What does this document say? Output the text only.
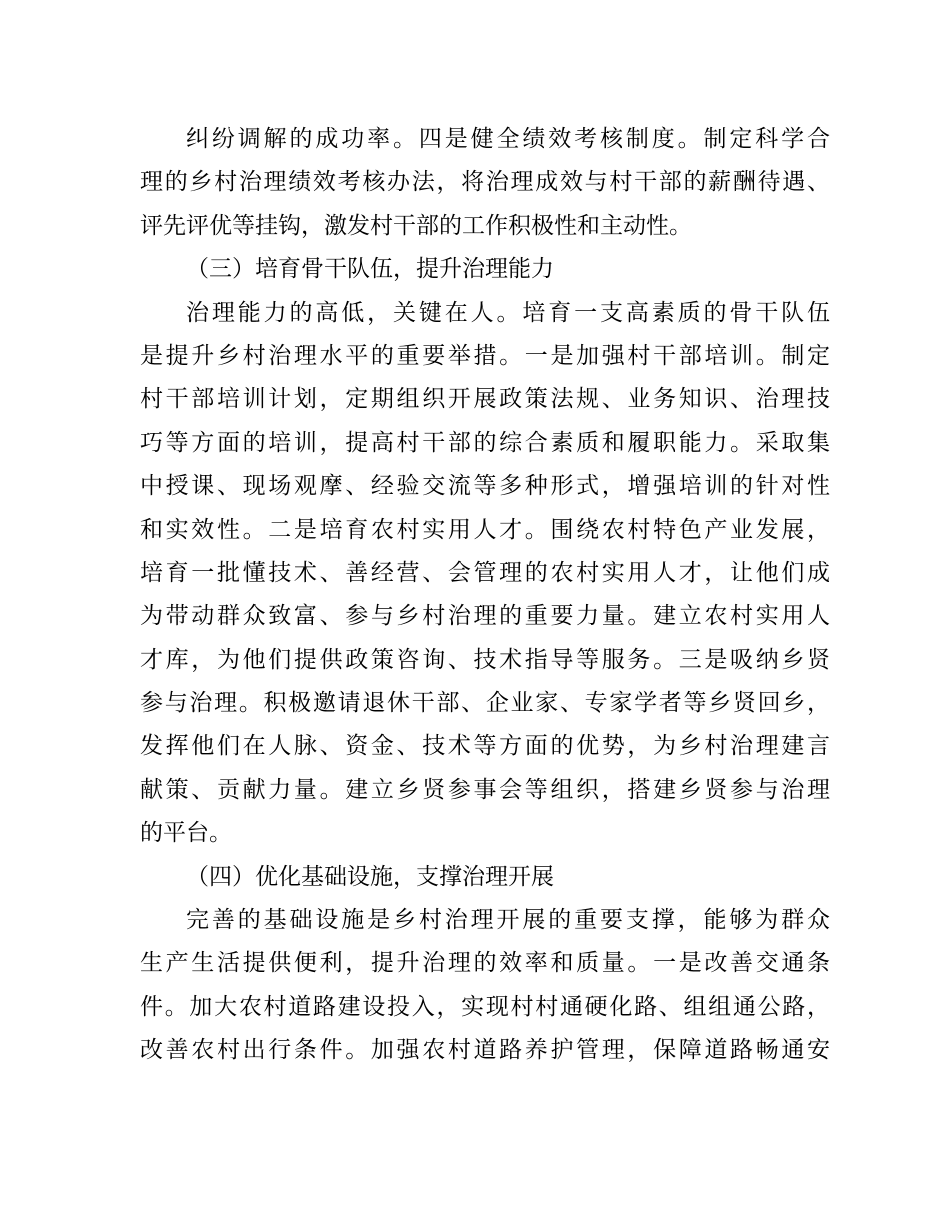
纠纷调解的成功率。四是健全绩效考核制度。制定科学合
理的乡村治理绩效考核办法，将治理成效与村干部的薪酬待遇、
评先评优等挂钩，激发村干部的工作积极性和主动性。
（三）培育骨干队伍，提升治理能力
治理能力的高低，关键在人。培育一支高素质的骨干队伍
是提升乡村治理水平的重要举措。一是加强村干部培训。制定
村干部培训计划，定期组织开展政策法规、业务知识、治理技
巧等方面的培训，提高村干部的综合素质和履职能力。采取集
中授课、现场观摩、经验交流等多种形式，增强培训的针对性
和实效性。二是培育农村实用人才。围绕农村特色产业发展，
培育一批懂技术、善经营、会管理的农村实用人才，让他们成
为带动群众致富、参与乡村治理的重要力量。建立农村实用人
才库，为他们提供政策咨询、技术指导等服务。三是吸纳乡贤
参与治理。积极邀请退休干部、企业家、专家学者等乡贤回乡，
发挥他们在人脉、资金、技术等方面的优势，为乡村治理建言
献策、贡献力量。建立乡贤参事会等组织，搭建乡贤参与治理
的平台。
（四）优化基础设施，支撑治理开展
完善的基础设施是乡村治理开展的重要支撑，能够为群众
生产生活提供便利，提升治理的效率和质量。一是改善交通条
件。加大农村道路建设投入，实现村村通硬化路、组组通公路，
改善农村出行条件。加强农村道路养护管理，保障道路畅通安
